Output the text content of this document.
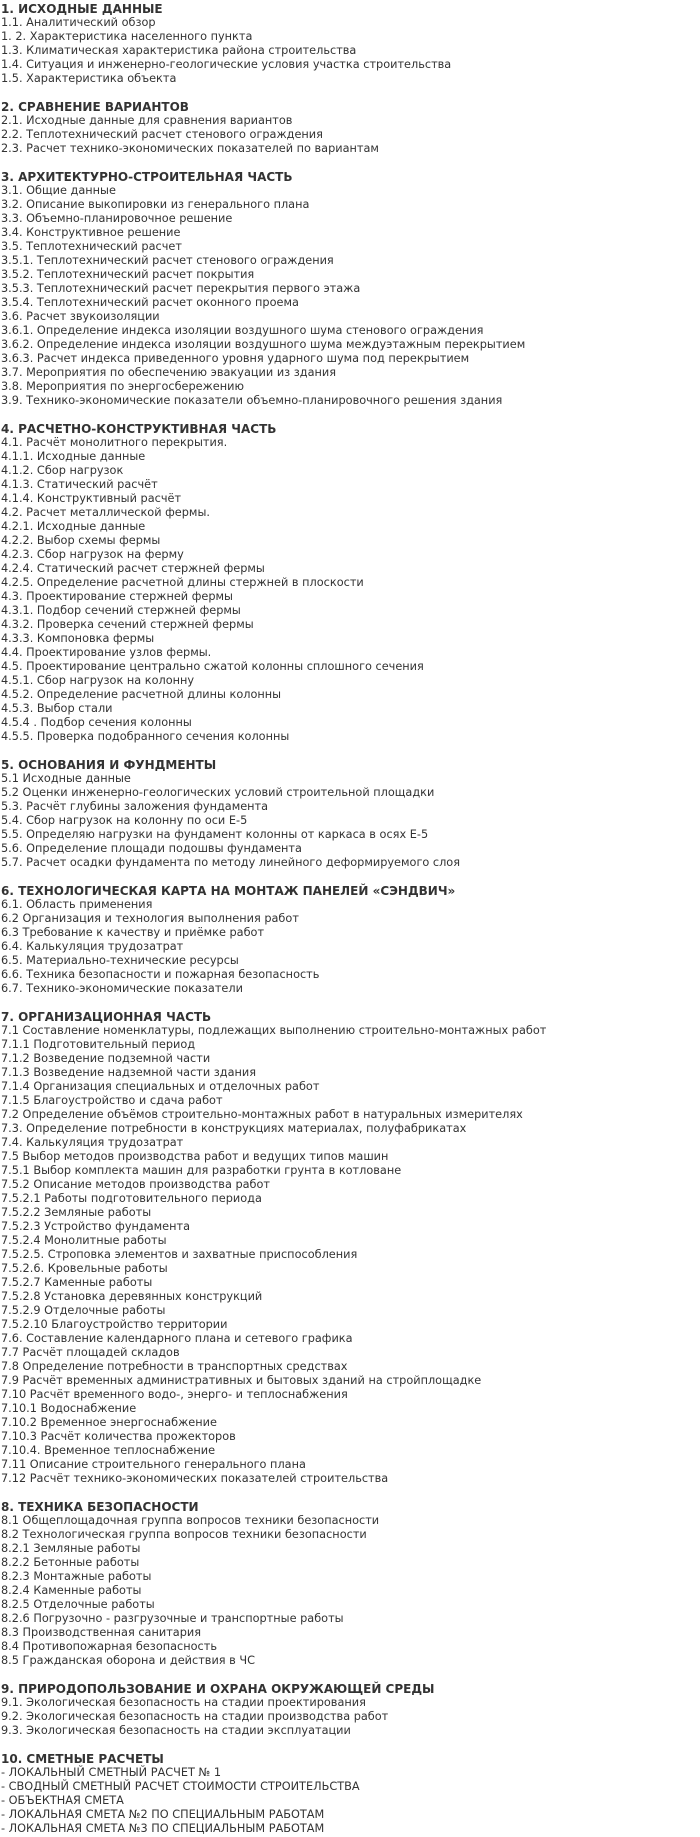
1. ИСХОДНЫЕ ДАННЫЕ
1.1. Аналитический обзор
1. 2. Характеристика населенного пункта
1.3. Климатическая характеристика района строительства
1.4. Ситуация и инженерно-геологические условия участка строительства
1.5. Характеристика объекта
2. СРАВНЕНИЕ ВАРИАНТОВ
2.1. Исходные данные для сравнения вариантов
2.2. Теплотехнический расчет стенового ограждения
2.3. Расчет технико-экономических показателей по вариантам
3. АРХИТЕКТУРНО-СТРОИТЕЛЬНАЯ ЧАСТЬ
3.1. Общие данные
3.2. Описание выкопировки из генерального плана
3.3. Объемно-планировочное решение
3.4. Конструктивное решение
3.5. Теплотехнический расчет
3.5.1. Теплотехнический расчет стенового ограждения
3.5.2. Теплотехнический расчет покрытия
3.5.3. Теплотехнический расчет перекрытия первого этажа
3.5.4. Теплотехнический расчет оконного проема
3.6. Расчет звукоизоляции
3.6.1. Определение индекса изоляции воздушного шума стенового ограждения
3.6.2. Определение индекса изоляции воздушного шума междуэтажным перекрытием
3.6.3. Расчет индекса приведенного уровня ударного шума под перекрытием
3.7. Мероприятия по обеспечению эвакуации из здания
3.8. Мероприятия по энергосбережению
3.9. Технико-экономические показатели объемно-планировочного решения здания
4. РАСЧЕТНО-КОНСТРУКТИВНАЯ ЧАСТЬ
4.1. Расчёт монолитного перекрытия.
4.1.1. Исходные данные
4.1.2. Сбор нагрузок
4.1.3. Статический расчёт
4.1.4. Конструктивный расчёт
4.2. Расчет металлической фермы.
4.2.1. Исходные данные
4.2.2. Выбор схемы фермы
4.2.3. Сбор нагрузок на ферму
4.2.4. Статический расчет стержней фермы
4.2.5. Определение расчетной длины стержней в плоскости
4.3. Проектирование стержней фермы
4.3.1. Подбор сечений стержней фермы
4.3.2. Проверка сечений стержней фермы
4.3.3. Компоновка фермы
4.4. Проектирование узлов фермы.
4.5. Проектирование центрально сжатой колонны сплошного сечения
4.5.1. Сбор нагрузок на колонну
4.5.2. Определение расчетной длины колонны
4.5.3. Выбор стали
4.5.4 . Подбор сечения колонны
4.5.5. Проверка подобранного сечения колонны
5. ОСНОВАНИЯ И ФУНДМЕНТЫ
5.1 Исходные данные
5.2 Оценки инженерно-геологических условий строительной площадки
5.3. Расчёт глубины заложения фундамента
5.4. Сбор нагрузок на колонну по оси Е-5
5.5. Определяю нагрузки на фундамент колонны от каркаса в осях Е-5
5.6. Определение площади подошвы фундамента
5.7. Расчет осадки фундамента по методу линейного деформируемого слоя
6. ТЕХНОЛОГИЧЕСКАЯ КАРТА НА МОНТАЖ ПАНЕЛЕЙ «СЭНДВИЧ»
6.1. Область применения
6.2 Организация и технология выполнения работ
6.3 Требование к качеству и приёмке работ
6.4. Калькуляция трудозатрат
6.5. Материально-технические ресурсы
6.6. Техника безопасности и пожарная безопасность
6.7. Технико-экономические показатели
7. ОРГАНИЗАЦИОННАЯ ЧАСТЬ
7.1 Составление номенклатуры, подлежащих выполнению строительно-монтажных работ
7.1.1 Подготовительный период
7.1.2 Возведение подземной части
7.1.3 Возведение надземной части здания
7.1.4 Организация специальных и отделочных работ
7.1.5 Благоустройство и сдача работ
7.2 Определение объёмов строительно-монтажных работ в натуральных измерителях
7.3. Определение потребности в конструкциях материалах, полуфабрикатах
7.4. Калькуляция трудозатрат
7.5 Выбор методов производства работ и ведущих типов машин
7.5.1 Выбор комплекта машин для разработки грунта в котловане
7.5.2 Описание методов производства работ
7.5.2.1 Работы подготовительного периода
7.5.2.2 Земляные работы
7.5.2.3 Устройство фундамента
7.5.2.4 Монолитные работы
7.5.2.5. Строповка элементов и захватные приспособления
7.5.2.6. Кровельные работы
7.5.2.7 Каменные работы
7.5.2.8 Установка деревянных конструкций
7.5.2.9 Отделочные работы
7.5.2.10 Благоустройство территории
7.6. Составление календарного плана и сетевого графика
7.7 Расчёт площадей складов
7.8 Определение потребности в транспортных средствах
7.9 Расчёт временных административных и бытовых зданий на стройплощадке
7.10 Расчёт временного водо-, энерго- и теплоснабжения
7.10.1 Водоснабжение
7.10.2 Временное энергоснабжение
7.10.3 Расчёт количества прожекторов
7.10.4. Временное теплоснабжение
7.11 Описание строительного генерального плана
7.12 Расчёт технико-экономических показателей строительства
8. ТЕХНИКА БЕЗОПАСНОСТИ
8.1 Общеплощадочная группа вопросов техники безопасности
8.2 Технологическая группа вопросов техники безопасности
8.2.1 Земляные работы
8.2.2 Бетонные работы
8.2.3 Монтажные работы
8.2.4 Каменные работы
8.2.5 Отделочные работы
8.2.6 Погрузочно - разгрузочные и транспортные работы
8.3 Производственная санитария
8.4 Противопожарная безопасность
8.5 Гражданская оборона и действия в ЧС
9. ПРИРОДОПОЛЬЗОВАНИЕ И ОХРАНА ОКРУЖАЮЩЕЙ СРЕДЫ
9.1. Экологическая безопасность на стадии проектирования
9.2. Экологическая безопасность на стадии производства работ
9.3. Экологическая безопасность на стадии эксплуатации
10. СМЕТНЫЕ РАСЧЕТЫ
- ЛОКАЛЬНЫЙ СМЕТНЫЙ РАСЧЕТ № 1
- СВОДНЫЙ СМЕТНЫЙ РАСЧЕТ СТОИМОСТИ СТРОИТЕЛЬСТВА
- ОБЪЕКТНАЯ СМЕТА
- ЛОКАЛЬНАЯ СМЕТА №2 ПО СПЕЦИАЛЬНЫМ РАБОТАМ
- ЛОКАЛЬНАЯ СМЕТА №3 ПО СПЕЦИАЛЬНЫМ РАБОТАМ
